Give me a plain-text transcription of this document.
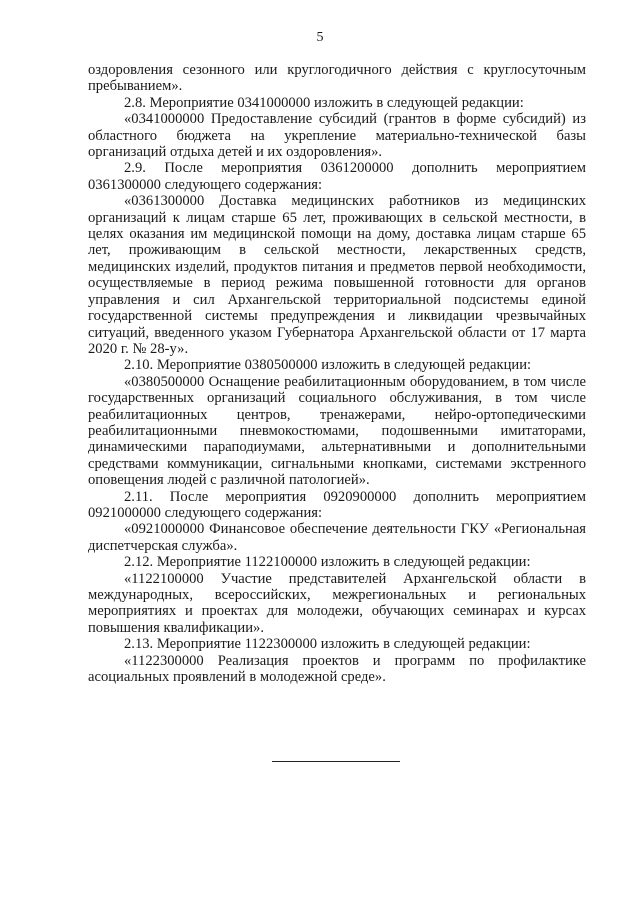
5

оздоровления сезонного или круглогодичного действия с круглосуточным пребыванием».

2.8. Мероприятие 0341000000 изложить в следующей редакции:

«0341000000 Предоставление субсидий (грантов в форме субсидий) из областного бюджета на укрепление материально-технической базы организаций отдыха детей и их оздоровления».

2.9. После мероприятия 0361200000 дополнить мероприятием 0361300000 следующего содержания:

«0361300000 Доставка медицинских работников из медицинских организаций к лицам старше 65 лет, проживающих в сельской местности, в целях оказания им медицинской помощи на дому, доставка лицам старше 65 лет, проживающим в сельской местности, лекарственных средств, медицинских изделий, продуктов питания и предметов первой необходимости, осуществляемые в период режима повышенной готовности для органов управления и сил Архангельской территориальной подсистемы единой государственной системы предупреждения и ликвидации чрезвычайных ситуаций, введенного указом Губернатора Архангельской области от 17 марта 2020 г. № 28-у».

2.10. Мероприятие 0380500000 изложить в следующей редакции:

«0380500000 Оснащение реабилитационным оборудованием, в том числе государственных организаций социального обслуживания, в том числе реабилитационных центров, тренажерами, нейро-ортопедическими реабилитационными пневмокостюмами, подошвенными имитаторами, динамическими параподиумами, альтернативными и дополнительными средствами коммуникации, сигнальными кнопками, системами экстренного оповещения людей с различной патологией».

2.11. После мероприятия 0920900000 дополнить мероприятием 0921000000 следующего содержания:

«0921000000 Финансовое обеспечение деятельности ГКУ «Региональная диспетчерская служба».

2.12. Мероприятие 1122100000 изложить в следующей редакции:

«1122100000 Участие представителей Архангельской области в международных, всероссийских, межрегиональных и региональных мероприятиях и проектах для молодежи, обучающих семинарах и курсах повышения квалификации».

2.13. Мероприятие 1122300000 изложить в следующей редакции:

«1122300000 Реализация проектов и программ по профилактике асоциальных проявлений в молодежной среде».
